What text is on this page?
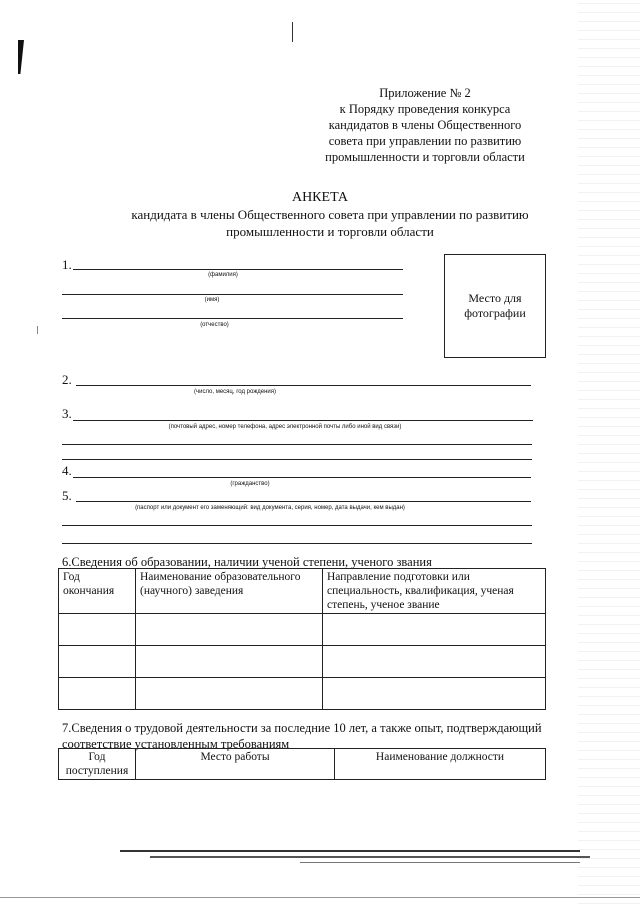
Приложение № 2
к Порядку проведения конкурса
кандидатов в члены Общественного
совета при управлении по развитию
промышленности и торговли области
АНКЕТА
кандидата в члены Общественного совета при управлении по развитию
промышленности и торговли области
1.
(фамилия)
(имя)
(отчество)
Место для фотографии
2.
(число, месяц, год рождения)
3.
(почтовый адрес, номер телефона, адрес электронной почты либо иной вид связи)
4.
(гражданство)
5.
(паспорт или документ его заменяющий: вид документа, серия, номер, дата выдачи, кем выдан)
6.Сведения об образовании, наличии ученой степени, ученого звания
Год окончания	Наименование образовательного (научного) заведения	Направление подготовки или специальность, квалификация, ученая степень, ученое звание

7.Сведения о трудовой деятельности за последние 10 лет, а также опыт, подтверждающий
соответствие установленным требованиям
Год поступления	Место работы	Наименование должности
